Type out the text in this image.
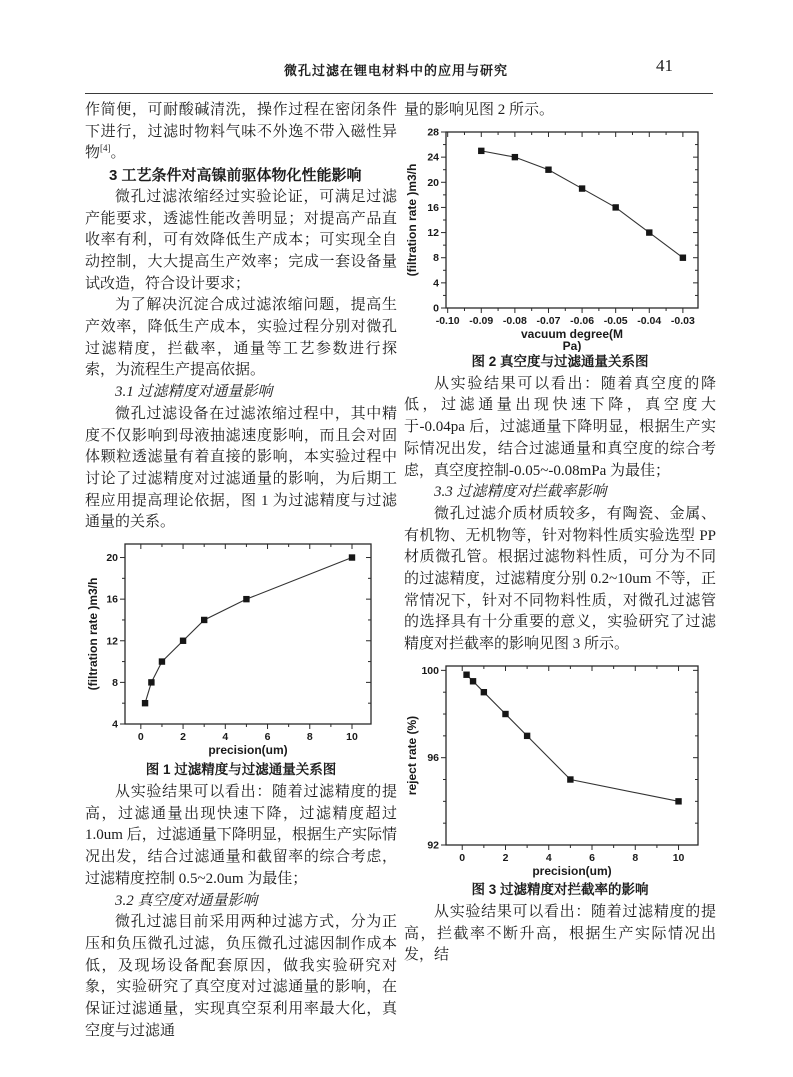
微孔过滤在锂电材料中的应用与研究	41

作简便，可耐酸碱清洗，操作过程在密闭条件下进行，过滤时物料气味不外逸不带入磁性异物[4]。

3 工艺条件对高镍前驱体物化性能影响

微孔过滤浓缩经过实验论证，可满足过滤产能要求，透滤性能改善明显；对提高产品直收率有利，可有效降低生产成本；可实现全自动控制，大大提高生产效率；完成一套设备量试改造，符合设计要求；

为了解决沉淀合成过滤浓缩问题，提高生产效率，降低生产成本，实验过程分别对微孔过滤精度，拦截率，通量等工艺参数进行探索，为流程生产提高依据。

3.1 过滤精度对通量影响

微孔过滤设备在过滤浓缩过程中，其中精度不仅影响到母液抽滤速度影响，而且会对固体颗粒透滤量有着直接的影响，本实验过程中讨论了过滤精度对过滤通量的影响，为后期工程应用提高理论依据，图 1 为过滤精度与过滤通量的关系。

0	2	4	6	8	10
4
8
12
16
20
precision(um)
(filtration rate )m3/h
图 1 过滤精度与过滤通量关系图

从实验结果可以看出：随着过滤精度的提高，过滤通量出现快速下降，过滤精度超过 1.0um 后，过滤通量下降明显，根据生产实际情况出发，结合过滤通量和截留率的综合考虑，过滤精度控制 0.5~2.0um 为最佳；

3.2 真空度对通量影响

微孔过滤目前采用两种过滤方式，分为正压和负压微孔过滤，负压微孔过滤因制作成本低，及现场设备配套原因，做我实验研究对象，实验研究了真空度对过滤通量的影响，在保证过滤通量，实现真空泵利用率最大化，真空度与过滤通

量的影响见图 2 所示。

-0.10 -0.09 -0.08 -0.07 -0.06 -0.05 -0.04 -0.03
0
4
8
12
16
20
24
28
vacuum degree(M
Pa)
(filtration rate )m3/h
图 2 真空度与过滤通量关系图

从实验结果可以看出：随着真空度的降低，过滤通量出现快速下降，真空度大于-0.04pa 后，过滤通量下降明显，根据生产实际情况出发，结合过滤通量和真空度的综合考虑，真空度控制-0.05~-0.08mPa 为最佳；

3.3 过滤精度对拦截率影响

微孔过滤介质材质较多，有陶瓷、金属、有机物、无机物等，针对物料性质实验选型 PP 材质微孔管。根据过滤物料性质，可分为不同的过滤精度，过滤精度分别 0.2~10um 不等，正常情况下，针对不同物料性质，对微孔过滤管的选择具有十分重要的意义，实验研究了过滤精度对拦截率的影响见图 3 所示。

0	2	4	6	8	10
92
96
100
precision(um)
reject rate (%)
图 3 过滤精度对拦截率的影响

从实验结果可以看出：随着过滤精度的提高，拦截率不断升高，根据生产实际情况出发，结
